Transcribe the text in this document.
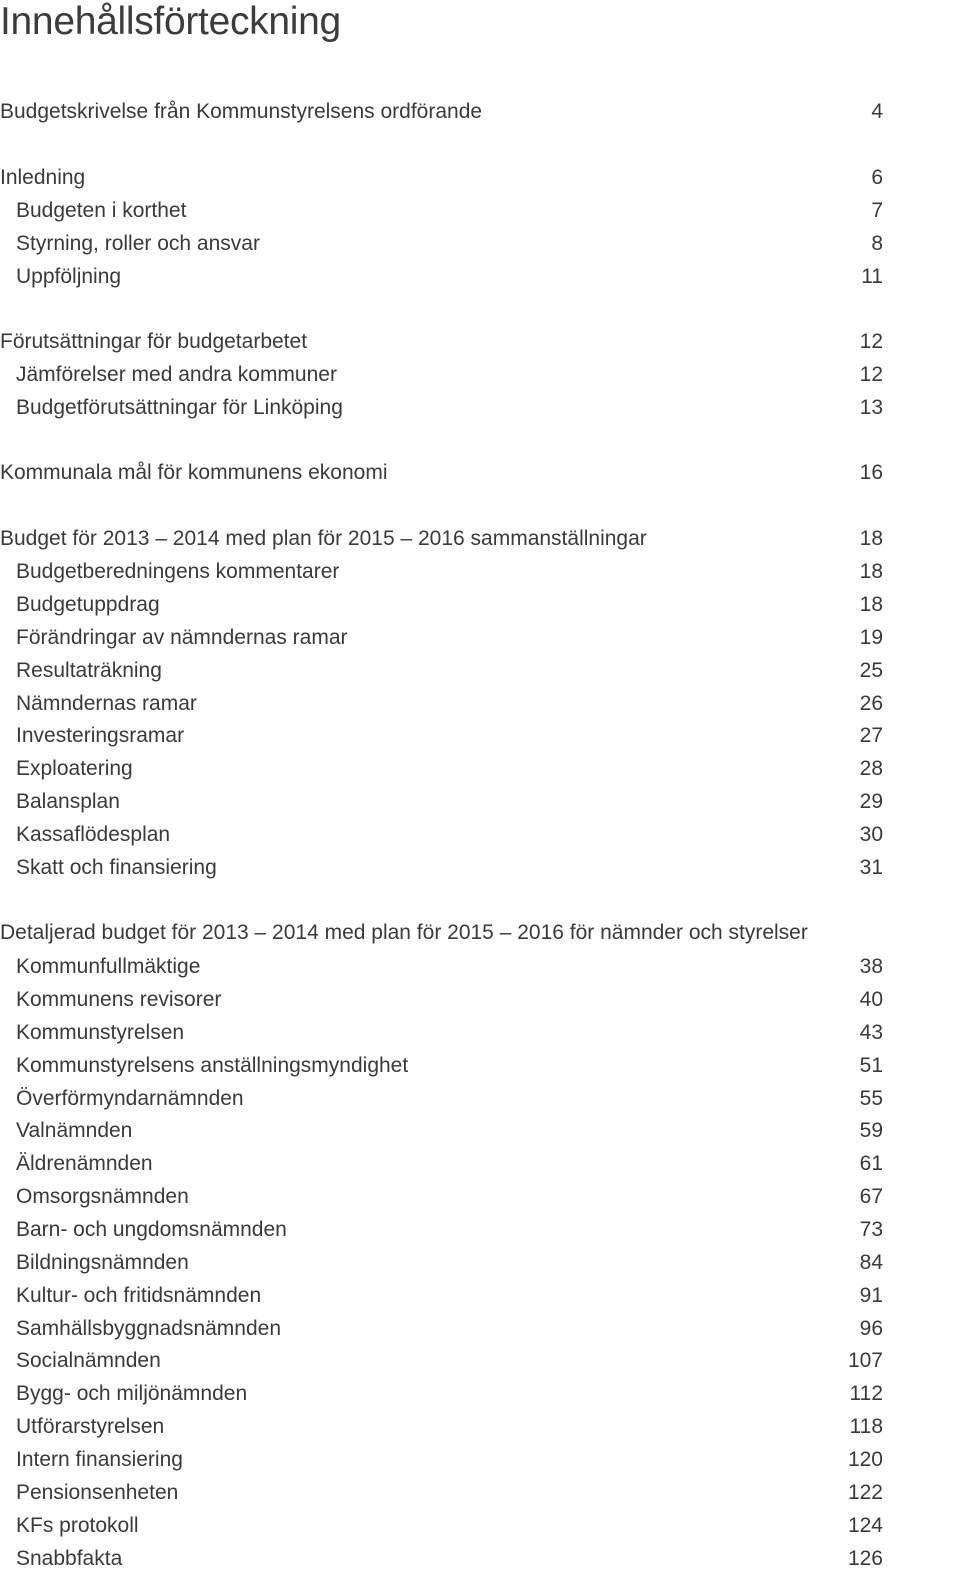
Innehållsförteckning
Budgetskrivelse från Kommunstyrelsens ordförande	4
Inledning	6
Budgeten i korthet	7
Styrning, roller och ansvar	8
Uppföljning	11
Förutsättningar för budgetarbetet	12
Jämförelser med andra kommuner	12
Budgetförutsättningar för Linköping	13
Kommunala mål för kommunens ekonomi	16
Budget för 2013 – 2014 med plan för 2015 – 2016 sammanställningar	18
Budgetberedningens kommentarer	18
Budgetuppdrag	18
Förändringar av nämndernas ramar	19
Resultaträkning	25
Nämndernas ramar	26
Investeringsramar	27
Exploatering	28
Balansplan	29
Kassaflödesplan	30
Skatt och finansiering	31
Detaljerad budget för 2013 – 2014 med plan för 2015 – 2016 för nämnder och styrelser
Kommunfullmäktige	38
Kommunens revisorer	40
Kommunstyrelsen	43
Kommunstyrelsens anställningsmyndighet	51
Överförmyndarnämnden	55
Valnämnden	59
Äldrenämnden	61
Omsorgsnämnden	67
Barn- och ungdomsnämnden	73
Bildningsnämnden	84
Kultur- och fritidsnämnden	91
Samhällsbyggnadsnämnden	96
Socialnämnden	107
Bygg- och miljönämnden	112
Utförarstyrelsen	118
Intern finansiering	120
Pensionsenheten	122
KFs protokoll	124
Snabbfakta	126
